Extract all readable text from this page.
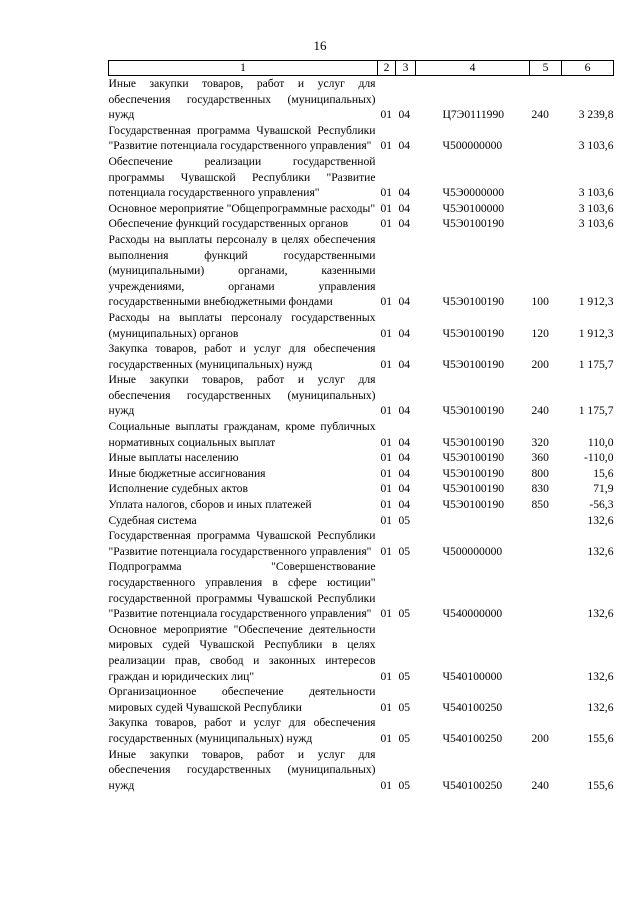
16
1	2	3	4	5	6
Иные закупки товаров, работ и услуг для обеспечения государственных (муниципальных) нужд	01	04	Ц7Э0111990	240	3 239,8
Государственная программа Чувашской Республики "Развитие потенциала государственного управления"	01	04	Ч500000000		3 103,6
Обеспечение реализации государственной программы Чувашской Республики "Развитие потенциала государственного управления"	01	04	Ч5Э0000000		3 103,6
Основное мероприятие "Общепрограммные расходы"	01	04	Ч5Э0100000		3 103,6
Обеспечение функций государственных органов	01	04	Ч5Э0100190		3 103,6
Расходы на выплаты персоналу в целях обеспечения выполнения функций государственными (муниципальными) органами, казенными учреждениями, органами управления государственными внебюджетными фондами	01	04	Ч5Э0100190	100	1 912,3
Расходы на выплаты персоналу государственных (муниципальных) органов	01	04	Ч5Э0100190	120	1 912,3
Закупка товаров, работ и услуг для обеспечения государственных (муниципальных) нужд	01	04	Ч5Э0100190	200	1 175,7
Иные закупки товаров, работ и услуг для обеспечения государственных (муниципальных) нужд	01	04	Ч5Э0100190	240	1 175,7
Социальные выплаты гражданам, кроме публичных нормативных социальных выплат	01	04	Ч5Э0100190	320	110,0
Иные выплаты населению	01	04	Ч5Э0100190	360	-110,0
Иные бюджетные ассигнования	01	04	Ч5Э0100190	800	15,6
Исполнение судебных актов	01	04	Ч5Э0100190	830	71,9
Уплата налогов, сборов и иных платежей	01	04	Ч5Э0100190	850	-56,3
Судебная система	01	05			132,6
Государственная программа Чувашской Республики "Развитие потенциала государственного управления"	01	05	Ч500000000		132,6
Подпрограмма "Совершенствование государственного управления в сфере юстиции" государственной программы Чувашской Республики "Развитие потенциала государственного управления"	01	05	Ч540000000		132,6
Основное мероприятие "Обеспечение деятельности мировых судей Чувашской Республики в целях реализации прав, свобод и законных интересов граждан и юридических лиц"	01	05	Ч540100000		132,6
Организационное обеспечение деятельности мировых судей Чувашской Республики	01	05	Ч540100250		132,6
Закупка товаров, работ и услуг для обеспечения государственных (муниципальных) нужд	01	05	Ч540100250	200	155,6
Иные закупки товаров, работ и услуг для обеспечения государственных (муниципальных) нужд	01	05	Ч540100250	240	155,6
